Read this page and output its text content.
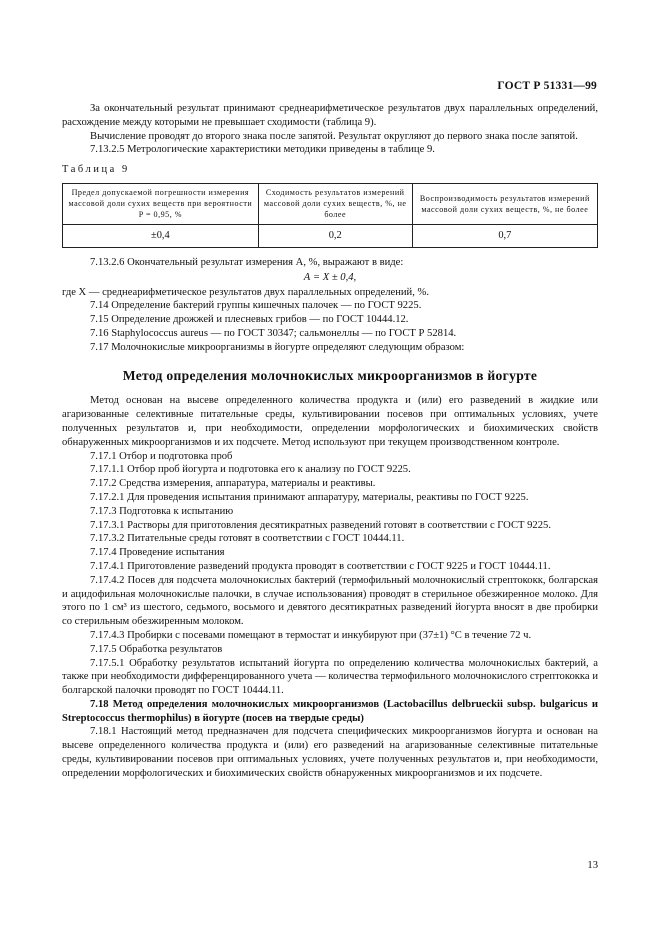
ГОСТ Р 51331—99

За окончательный результат принимают среднеарифметическое результатов двух параллельных определений, расхождение между которыми не превышает сходимости (таблица 9).

Вычисление проводят до второго знака после запятой. Результат округляют до первого знака после запятой.

7.13.2.5 Метрологические характеристики методики приведены в таблице 9.

Таблица 9
Предел допускаемой погрешности измерения массовой доли сухих веществ при вероятности P = 0,95, %	Сходимость результатов измерений массовой доли сухих веществ, %, не более	Воспроизводимость результатов измерений массовой доли сухих веществ, %, не более
±0,4	0,2	0,7

7.13.2.6 Окончательный результат измерения А, %, выражают в виде:

А = X ± 0,4,

где X — среднеарифметическое результатов двух параллельных определений, %.

7.14 Определение бактерий группы кишечных палочек — по ГОСТ 9225.

7.15 Определение дрожжей и плесневых грибов — по ГОСТ 10444.12.

7.16 Staphylococcus aureus — по ГОСТ 30347; сальмонеллы — по ГОСТ Р 52814.

7.17 Молочнокислые микроорганизмы в йогурте определяют следующим образом:

Метод определения молочнокислых микроорганизмов в йогурте

Метод основан на высеве определенного количества продукта и (или) его разведений в жидкие или агаризованные селективные питательные среды, культивировании посевов при оптимальных условиях, учете полученных результатов и, при необходимости, определении морфологических и биохимических свойств обнаруженных микроорганизмов и их подсчете. Метод используют при текущем производственном контроле.

7.17.1 Отбор и подготовка проб

7.17.1.1 Отбор проб йогурта и подготовка его к анализу по ГОСТ 9225.

7.17.2 Средства измерения, аппаратура, материалы и реактивы.

7.17.2.1 Для проведения испытания принимают аппаратуру, материалы, реактивы по ГОСТ 9225.

7.17.3 Подготовка к испытанию

7.17.3.1 Растворы для приготовления десятикратных разведений готовят в соответствии с ГОСТ 9225.

7.17.3.2 Питательные среды готовят в соответствии с ГОСТ 10444.11.

7.17.4 Проведение испытания

7.17.4.1 Приготовление разведений продукта проводят в соответствии с ГОСТ 9225 и ГОСТ 10444.11.

7.17.4.2 Посев для подсчета молочнокислых бактерий (термофильный молочнокислый стрептококк, болгарская и ацидофильная молочнокислые палочки, в случае использования) проводят в стерильное обезжиренное молоко. Для этого по 1 см³ из шестого, седьмого, восьмого и девятого десятикратных разведений йогурта вносят в две пробирки со стерильным обезжиренным молоком.

7.17.4.3 Пробирки с посевами помещают в термостат и инкубируют при (37±1) °С в течение 72 ч.

7.17.5 Обработка результатов

7.17.5.1 Обработку результатов испытаний йогурта по определению количества молочнокислых бактерий, а также при необходимости дифференцированного учета — количества термофильного молочнокислого стрептококка и болгарской палочки проводят по ГОСТ 10444.11.

7.18 Метод определения молочнокислых микроорганизмов (Lactobacillus delbrueckii subsp. bulgaricus и Streptococcus thermophilus) в йогурте (посев на твердые среды)

7.18.1 Настоящий метод предназначен для подсчета специфических микроорганизмов йогурта и основан на высеве определенного количества продукта и (или) его разведений на агаризованные селективные питательные среды, культивировании посевов при оптимальных условиях, учете полученных результатов и, при необходимости, определении морфологических и биохимических свойств обнаруженных микроорганизмов и их подсчете.

13
